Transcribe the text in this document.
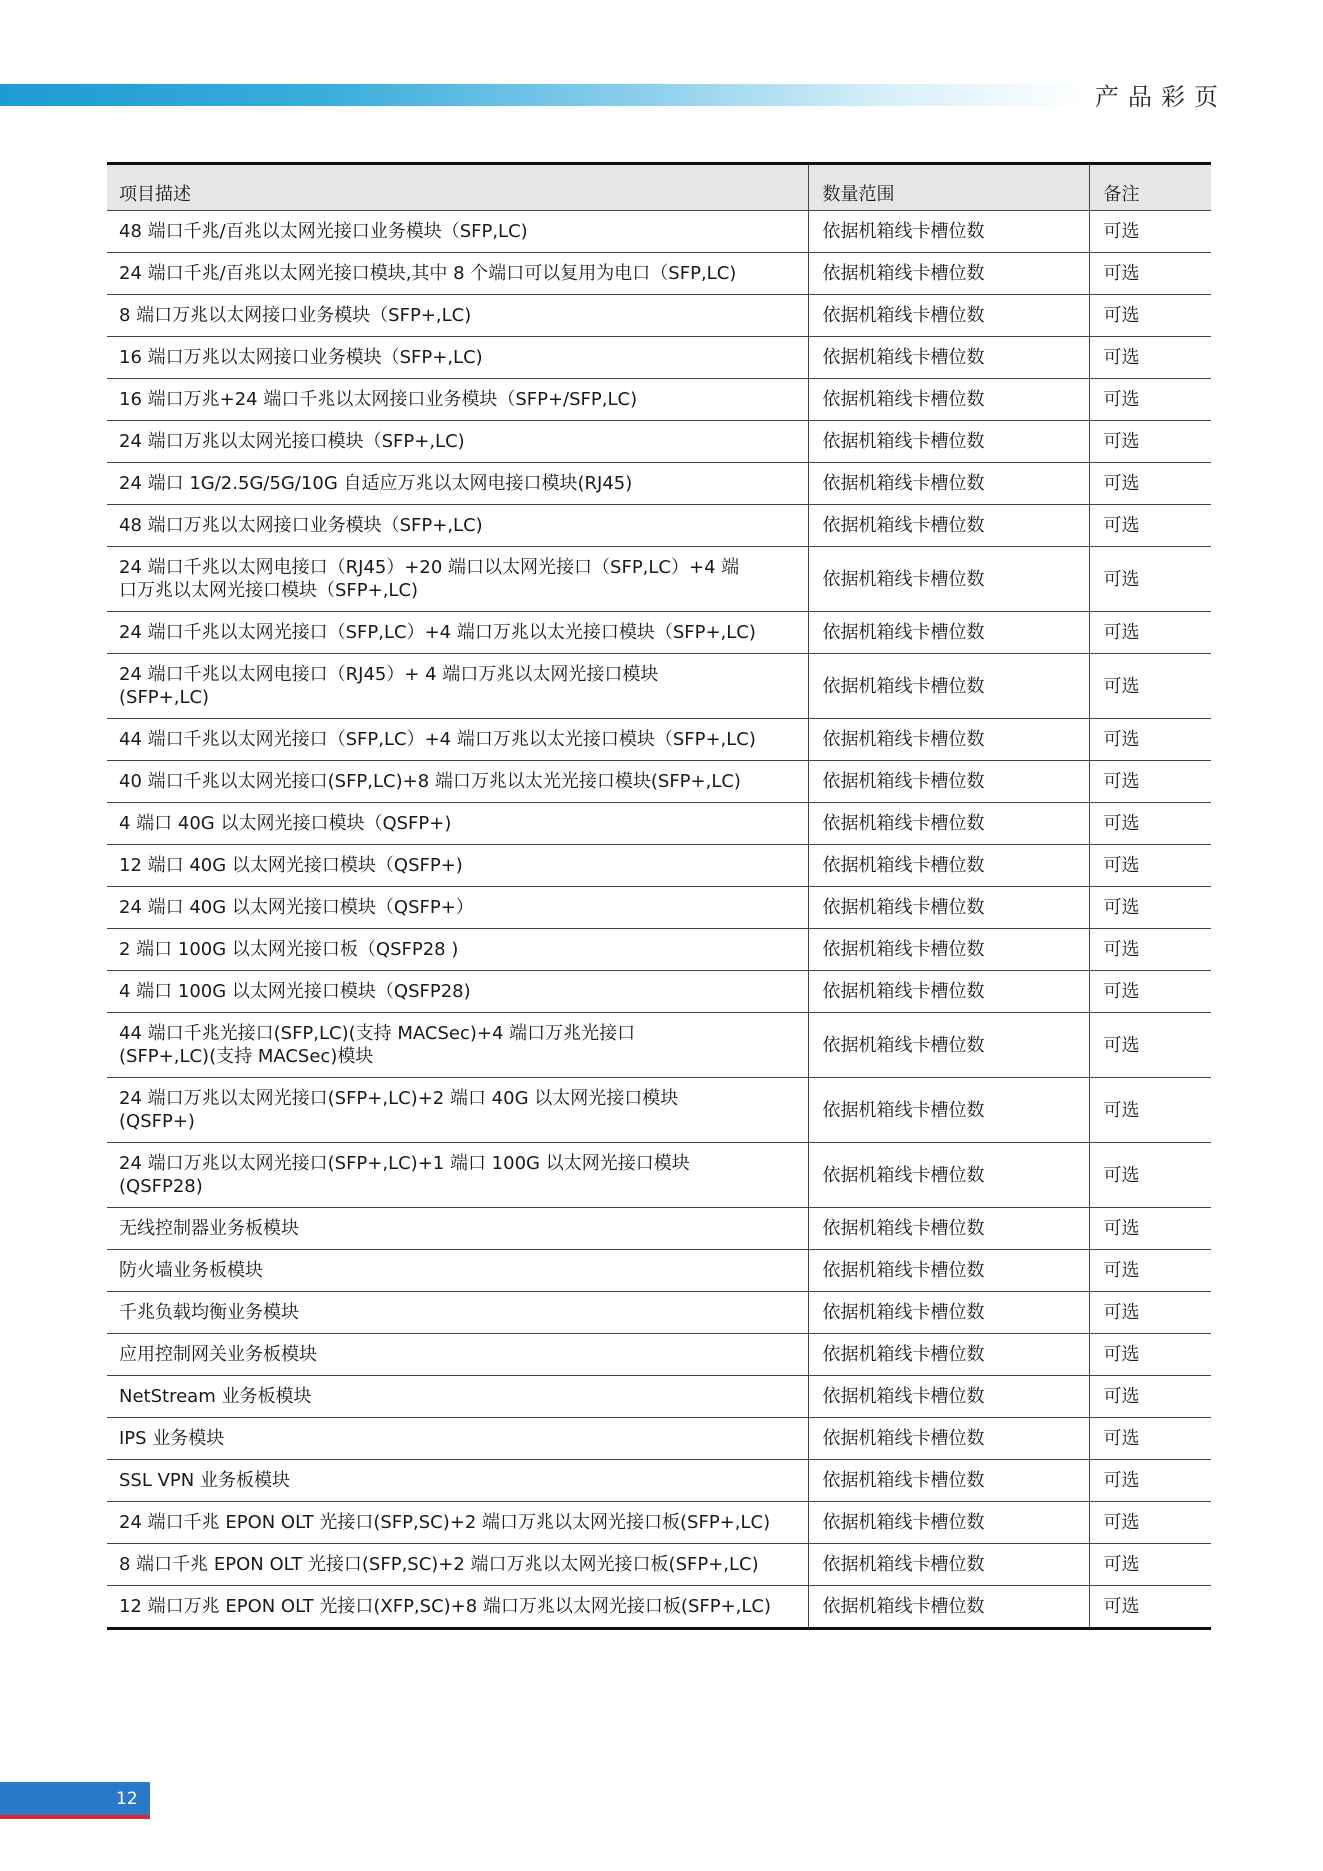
产品彩页
项目描述	数量范围	备注

48 端口千兆/百兆以太网光接口业务模块（SFP,LC)	依据机箱线卡槽位数	可选

24 端口千兆/百兆以太网光接口模块,其中 8 个端口可以复用为电口（SFP,LC)	依据机箱线卡槽位数	可选

8 端口万兆以太网接口业务模块（SFP+,LC)	依据机箱线卡槽位数	可选

16 端口万兆以太网接口业务模块（SFP+,LC)	依据机箱线卡槽位数	可选

16 端口万兆+24 端口千兆以太网接口业务模块（SFP+/SFP,LC)	依据机箱线卡槽位数	可选

24 端口万兆以太网光接口模块（SFP+,LC)	依据机箱线卡槽位数	可选

24 端口 1G/2.5G/5G/10G 自适应万兆以太网电接口模块(RJ45)	依据机箱线卡槽位数	可选

48 端口万兆以太网接口业务模块（SFP+,LC)	依据机箱线卡槽位数	可选

24 端口千兆以太网电接口（RJ45）+20 端口以太网光接口（SFP,LC）+4 端
口万兆以太网光接口模块（SFP+,LC)	依据机箱线卡槽位数	可选

24 端口千兆以太网光接口（SFP,LC）+4 端口万兆以太光接口模块（SFP+,LC)	依据机箱线卡槽位数	可选

24 端口千兆以太网电接口（RJ45）+ 4 端口万兆以太网光接口模块
(SFP+,LC)	依据机箱线卡槽位数	可选

44 端口千兆以太网光接口（SFP,LC）+4 端口万兆以太光接口模块（SFP+,LC)	依据机箱线卡槽位数	可选

40 端口千兆以太网光接口(SFP,LC)+8 端口万兆以太光光接口模块(SFP+,LC)	依据机箱线卡槽位数	可选

4 端口 40G 以太网光接口模块（QSFP+)	依据机箱线卡槽位数	可选

12 端口 40G 以太网光接口模块（QSFP+)	依据机箱线卡槽位数	可选

24 端口 40G 以太网光接口模块（QSFP+）	依据机箱线卡槽位数	可选

2 端口 100G 以太网光接口板（QSFP28 )	依据机箱线卡槽位数	可选

4 端口 100G 以太网光接口模块（QSFP28)	依据机箱线卡槽位数	可选

44 端口千兆光接口(SFP,LC)(支持 MACSec)+4 端口万兆光接口
(SFP+,LC)(支持 MACSec)模块	依据机箱线卡槽位数	可选

24 端口万兆以太网光接口(SFP+,LC)+2 端口 40G 以太网光接口模块
(QSFP+)	依据机箱线卡槽位数	可选

24 端口万兆以太网光接口(SFP+,LC)+1 端口 100G 以太网光接口模块
(QSFP28)	依据机箱线卡槽位数	可选

无线控制器业务板模块	依据机箱线卡槽位数	可选

防火墙业务板模块	依据机箱线卡槽位数	可选

千兆负载均衡业务模块	依据机箱线卡槽位数	可选

应用控制网关业务板模块	依据机箱线卡槽位数	可选

NetStream 业务板模块	依据机箱线卡槽位数	可选

IPS 业务模块	依据机箱线卡槽位数	可选

SSL VPN 业务板模块	依据机箱线卡槽位数	可选

24 端口千兆 EPON OLT 光接口(SFP,SC)+2 端口万兆以太网光接口板(SFP+,LC)	依据机箱线卡槽位数	可选

8 端口千兆 EPON OLT 光接口(SFP,SC)+2 端口万兆以太网光接口板(SFP+,LC)	依据机箱线卡槽位数	可选

12 端口万兆 EPON OLT 光接口(XFP,SC)+8 端口万兆以太网光接口板(SFP+,LC)	依据机箱线卡槽位数	可选
12
